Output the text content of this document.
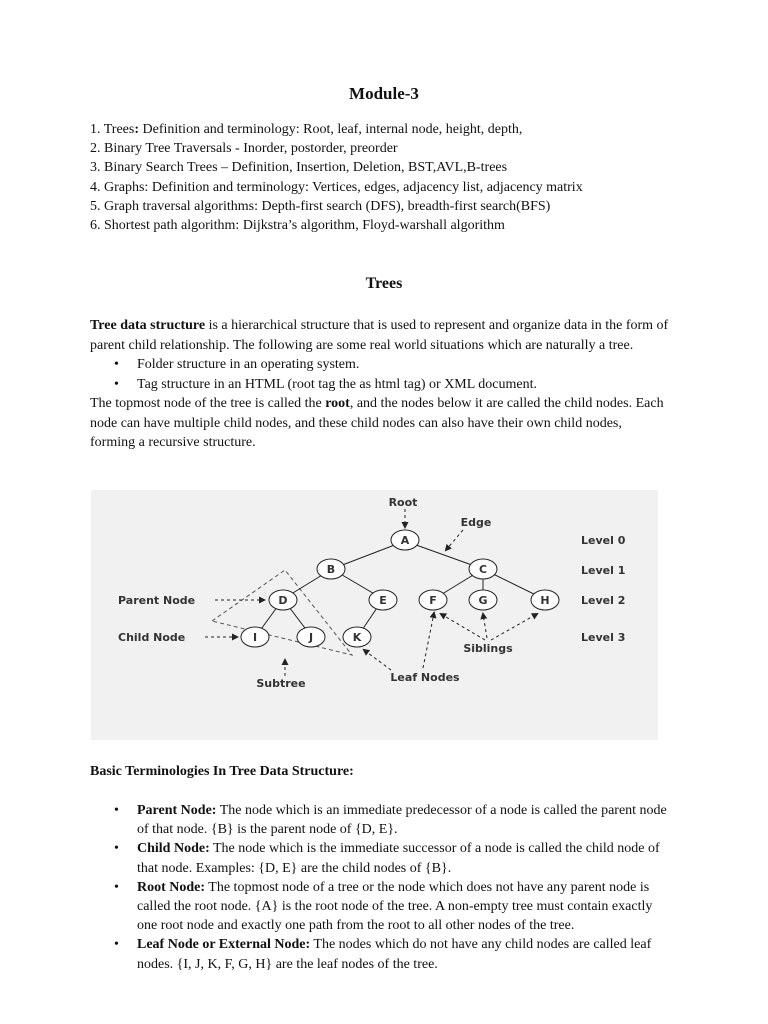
Module-3
1. Trees: Definition and terminology: Root, leaf, internal node, height, depth,
2. Binary Tree Traversals - Inorder, postorder, preorder
3. Binary Search Trees – Definition, Insertion, Deletion, BST,AVL,B-trees
4. Graphs: Definition and terminology: Vertices, edges, adjacency list, adjacency matrix
5. Graph traversal algorithms: Depth-first search (DFS), breadth-first search(BFS)
6. Shortest path algorithm: Dijkstra’s algorithm, Floyd-warshall algorithm
Trees

Tree data structure is a hierarchical structure that is used to represent and organize data in the form of parent child relationship. The following are some real world situations which are naturally a tree.

• Folder structure in an operating system.
• Tag structure in an HTML (root tag the as html tag) or XML document.

The topmost node of the tree is called the root, and the nodes below it are called the child nodes. Each node can have multiple child nodes, and these child nodes can also have their own child nodes, forming a recursive structure.

Basic Terminologies In Tree Data Structure:
• Parent Node: The node which is an immediate predecessor of a node is called the parent node of that node. {B} is the parent node of {D, E}.
• Child Node: The node which is the immediate successor of a node is called the child node of that node. Examples: {D, E} are the child nodes of {B}.
• Root Node: The topmost node of a tree or the node which does not have any parent node is called the root node. {A} is the root node of the tree. A non-empty tree must contain exactly one root node and exactly one path from the root to all other nodes of the tree.
• Leaf Node or External Node: The nodes which do not have any child nodes are called leaf nodes. {I, J, K, F, G, H} are the leaf nodes of the tree.
A
B	C
D	E	F	G	H
I	J	K
Root
Edge
Parent Node
Child Node
Subtree	Leaf Nodes
Siblings
Level 0
Level 1
Level 2
Level 3
